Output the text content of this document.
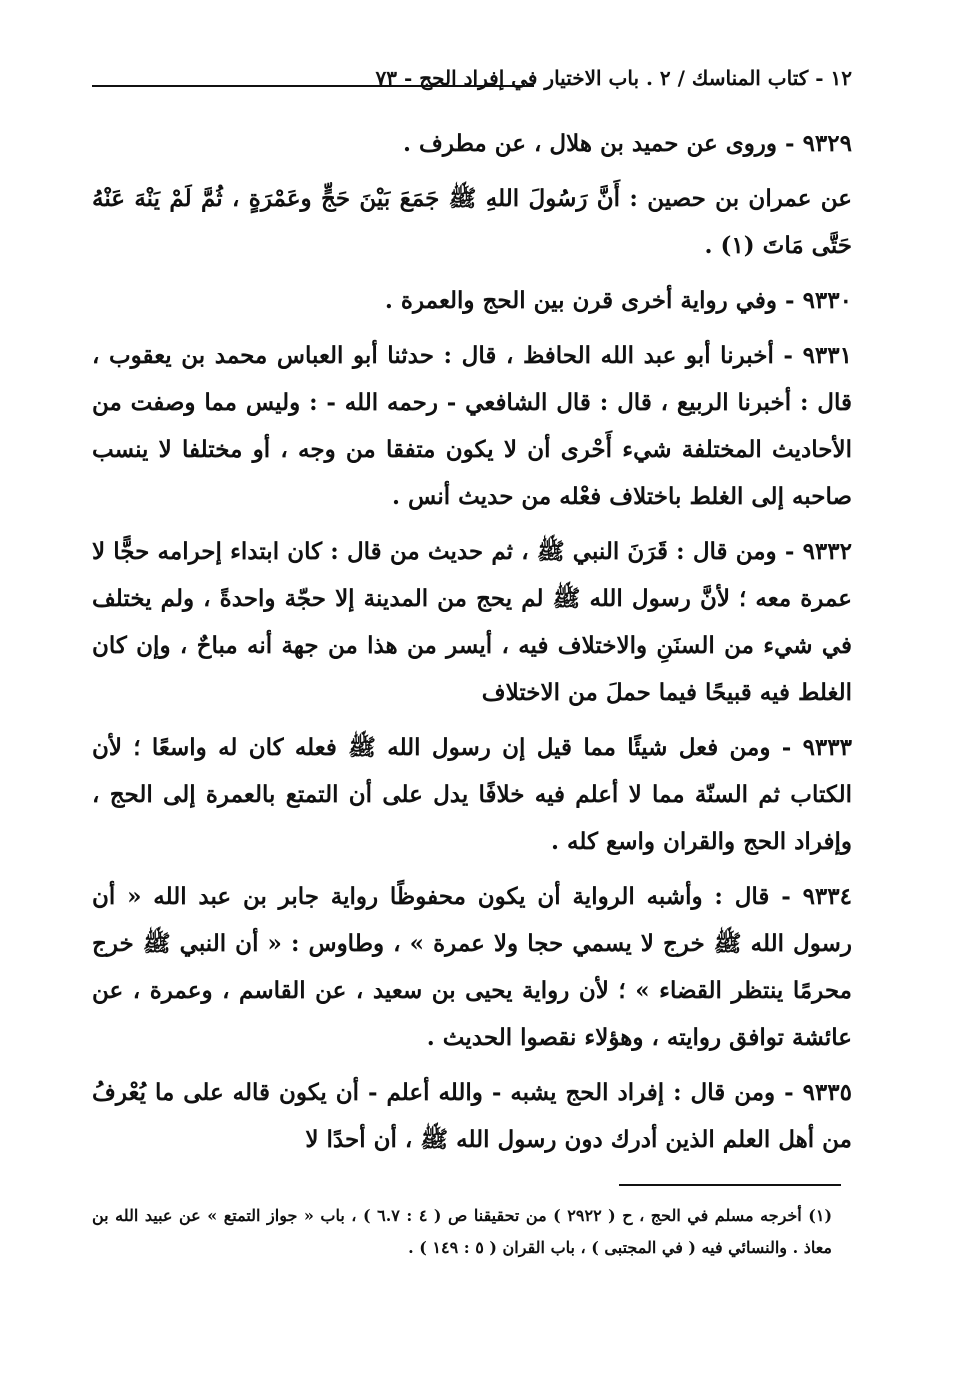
١٢ - كتاب المناسك / ٢ . باب الاختيار في إفراد الحج - ٧٣

٩٣٢٩ - وروى عن حميد بن هلال ، عن مطرف .

عن عمران بن حصين : أَنَّ رَسُولَ اللهِ ﷺ جَمَعَ بَيْنَ حَجٍّ وعَمْرَةٍ ، ثُمَّ لَمْ يَنْهَ عَنْهُ حَتَّى مَاتَ (١) .

٩٣٣٠ - وفي رواية أخرى قرن بين الحج والعمرة .

٩٣٣١ - أخبرنا أبو عبد الله الحافظ ، قال : حدثنا أبو العباس محمد بن يعقوب ، قال : أخبرنا الربيع ، قال : قال الشافعي - رحمه الله - : وليس مما وصفت من الأحاديث المختلفة شيء أَحْرى أن لا يكون متفقا من وجه ، أو مختلفا لا ينسب صاحبه إلى الغلط باختلاف فعْله من حديث أنس .

٩٣٣٢ - ومن قال : قَرَنَ النبي ﷺ ، ثم حديث من قال : كان ابتداء إحرامه حجًّا لا عمرة معه ؛ لأنَّ رسول الله ﷺ لم يحج من المدينة إلا حجّة واحدةً ، ولم يختلف في شيء من السنَنِ والاختلاف فيه ، أيسر من هذا من جهة أنه مباحٌ ، وإن كان الغلط فيه قبيحًا فيما حملَ من الاختلاف

٩٣٣٣ - ومن فعل شيئًا مما قيل إن رسول الله ﷺ فعله كان له واسعًا ؛ لأن الكتاب ثم السنّة مما لا أعلم فيه خلافًا يدل على أن التمتع بالعمرة إلى الحج ، وإفراد الحج والقران واسع كله .

٩٣٣٤ - قال : وأشبه الرواية أن يكون محفوظًا رواية جابر بن عبد الله « أن رسول الله ﷺ خرج لا يسمي حجا ولا عمرة » ، وطاوس : « أن النبي ﷺ خرج محرمًا ينتظر القضاء » ؛ لأن رواية يحيى بن سعيد ، عن القاسم ، وعمرة ، عن عائشة توافق روايته ، وهؤلاء نقصوا الحديث .

٩٣٣٥ - ومن قال : إفراد الحج يشبه - والله أعلم - أن يكون قاله على ما يُعْرفُ من أهل العلم الذين أدرك دون رسول الله ﷺ ، أن أحدًا لا

(١) أخرجه مسلم في الحج ، ح ( ٢٩٢٢ ) من تحقيقنا ص ( ٤ : ٦.٧ ) ، باب « جواز التمتع » عن عبيد الله بن معاذ . والنسائي فيه ( في المجتبى ) ، باب القران ( ٥ : ١٤٩ ) .
